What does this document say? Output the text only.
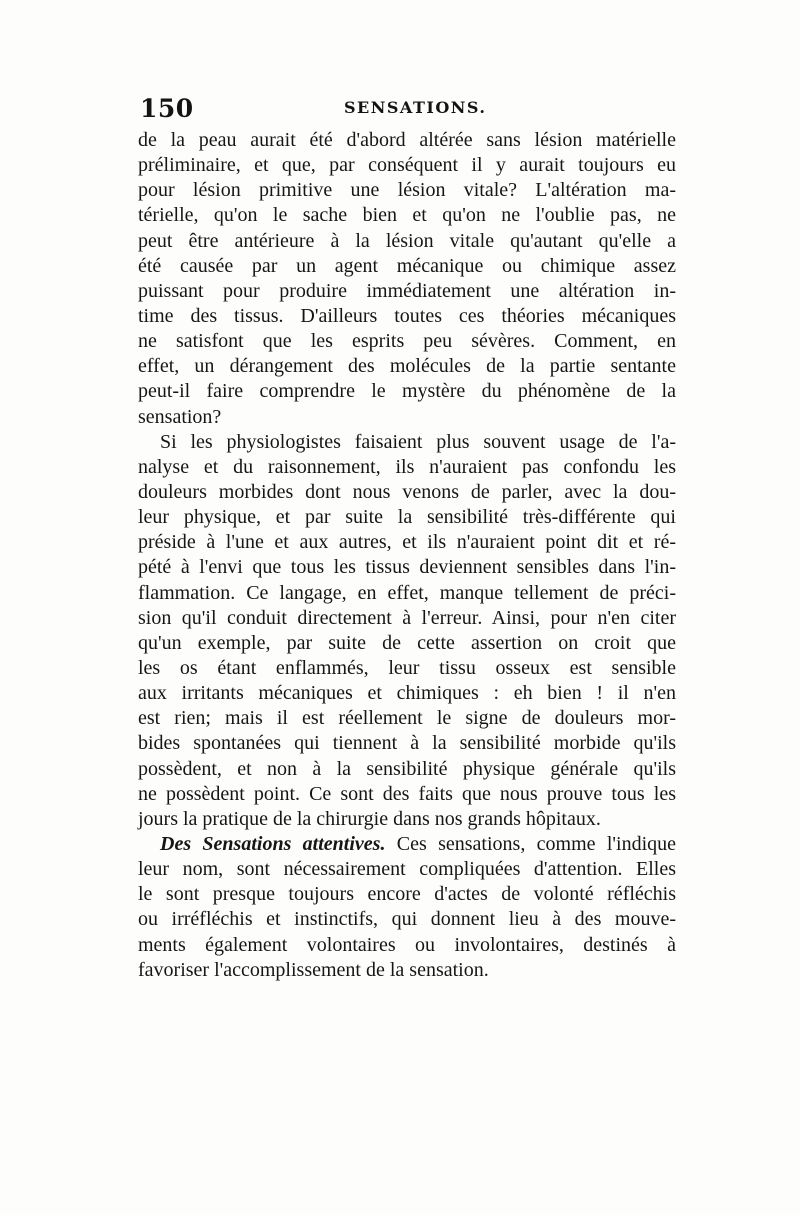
150	SENSATIONS.
de la peau aurait été d'abord altérée sans lésion matérielle
préliminaire, et que, par conséquent il y aurait toujours eu
pour lésion primitive une lésion vitale? L'altération ma-
térielle, qu'on le sache bien et qu'on ne l'oublie pas, ne
peut être antérieure à la lésion vitale qu'autant qu'elle a
été causée par un agent mécanique ou chimique assez
puissant pour produire immédiatement une altération in-
time des tissus. D'ailleurs toutes ces théories mécaniques
ne satisfont que les esprits peu sévères. Comment, en
effet, un dérangement des molécules de la partie sentante
peut-il faire comprendre le mystère du phénomène de la
sensation?
Si les physiologistes faisaient plus souvent usage de l'a-
nalyse et du raisonnement, ils n'auraient pas confondu les
douleurs morbides dont nous venons de parler, avec la dou-
leur physique, et par suite la sensibilité très-différente qui
préside à l'une et aux autres, et ils n'auraient point dit et ré-
pété à l'envi que tous les tissus deviennent sensibles dans l'in-
flammation. Ce langage, en effet, manque tellement de préci-
sion qu'il conduit directement à l'erreur. Ainsi, pour n'en citer
qu'un exemple, par suite de cette assertion on croit que
les os étant enflammés, leur tissu osseux est sensible
aux irritants mécaniques et chimiques : eh bien ! il n'en
est rien; mais il est réellement le signe de douleurs mor-
bides spontanées qui tiennent à la sensibilité morbide qu'ils
possèdent, et non à la sensibilité physique générale qu'ils
ne possèdent point. Ce sont des faits que nous prouve tous les
jours la pratique de la chirurgie dans nos grands hôpitaux.
Des Sensations attentives. Ces sensations, comme l'indique
leur nom, sont nécessairement compliquées d'attention. Elles
le sont presque toujours encore d'actes de volonté réfléchis
ou irréfléchis et instinctifs, qui donnent lieu à des mouve-
ments également volontaires ou involontaires, destinés à
favoriser l'accomplissement de la sensation.
